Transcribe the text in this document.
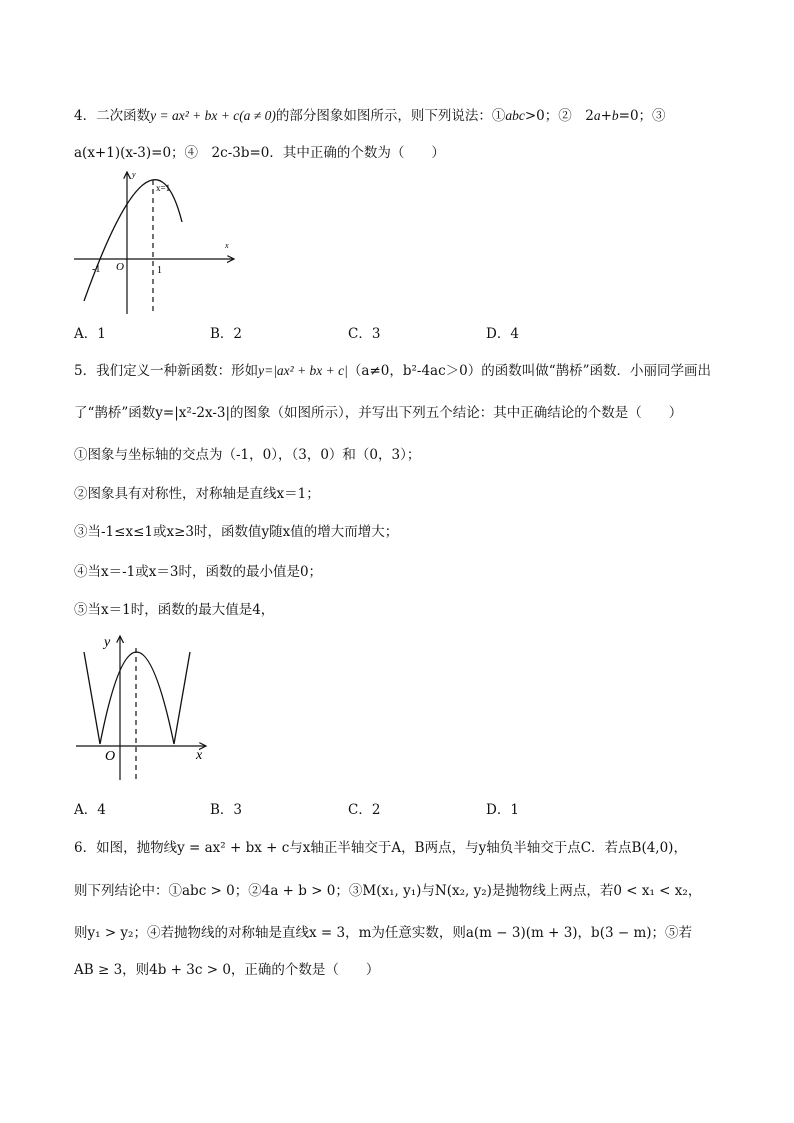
4．二次函数y = ax² + bx + c(a ≠ 0)的部分图象如图所示，则下列说法：①abc>0；②　2a+b=0；③
a(x+1)(x-3)=0；④　2c-3b=0．其中正确的个数为（　　）
y
x
x=1
O
-1	1
A．1	B．2	C．3	D．4
5．我们定义一种新函数：形如y=|ax² + bx + c|（a≠0，b²-4ac＞0）的函数叫做“鹊桥”函数．小丽同学画出
了“鹊桥”函数y=|x²-2x-3|的图象（如图所示），并写出下列五个结论：其中正确结论的个数是（　　）
①图象与坐标轴的交点为（-1，0），（3，0）和（0，3）；
②图象具有对称性，对称轴是直线x＝1；
③当-1≤x≤1或x≥3时，函数值y随x值的增大而增大；
④当x＝-1或x＝3时，函数的最小值是0；
⑤当x＝1时，函数的最大值是4，
y
x
O
A．4	B．3	C．2	D．1
6．如图，抛物线y = ax² + bx + c与x轴正半轴交于A，B两点，与y轴负半轴交于点C．若点B(4,0)，
则下列结论中：①abc > 0；②4a + b > 0；③M(x₁, y₁)与N(x₂, y₂)是抛物线上两点，若0 < x₁ < x₂，
则y₁ > y₂；④若抛物线的对称轴是直线x = 3，m为任意实数，则a(m − 3)(m + 3)，b(3 − m)；⑤若
AB ≥ 3，则4b + 3c > 0，正确的个数是（　　）
